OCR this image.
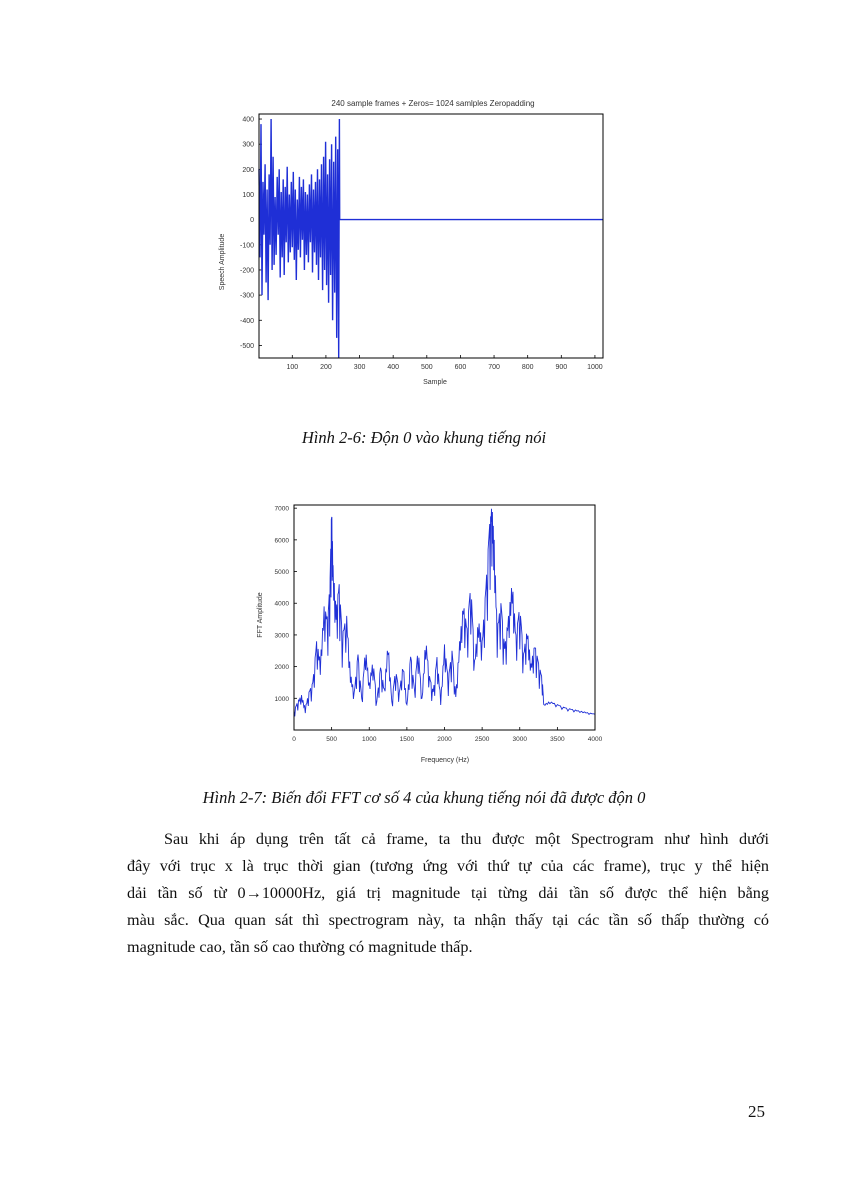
240 sample frames + Zeros= 1024 samlples Zeropadding
Speech Amplitude
Sample
100	200	300	400	500	600	700	800	900	1000
400
300
200
100
0
-100
-200
-300
-400
-500
Hình 2-6: Độn 0 vào khung tiếng nói
FFT Amplitude
Frequency (Hz)
0	500	1000	1500	2000	2500	3000	3500	4000
1000
2000
3000
4000
5000
6000
7000
Hình 2-7: Biến đổi FFT cơ số 4 của khung tiếng nói đã được độn 0
Sau khi áp dụng trên tất cả frame, ta thu được một Spectrogram như hình dưới
đây với trục x là trục thời gian (tương ứng với thứ tự của các frame), trục y thể hiện
dải tần số từ 0→10000Hz, giá trị magnitude tại từng dải tần số được thể hiện bằng
màu sắc. Qua quan sát thì spectrogram này, ta nhận thấy tại các tần số thấp thường có
magnitude cao, tần số cao thường có magnitude thấp.
25
